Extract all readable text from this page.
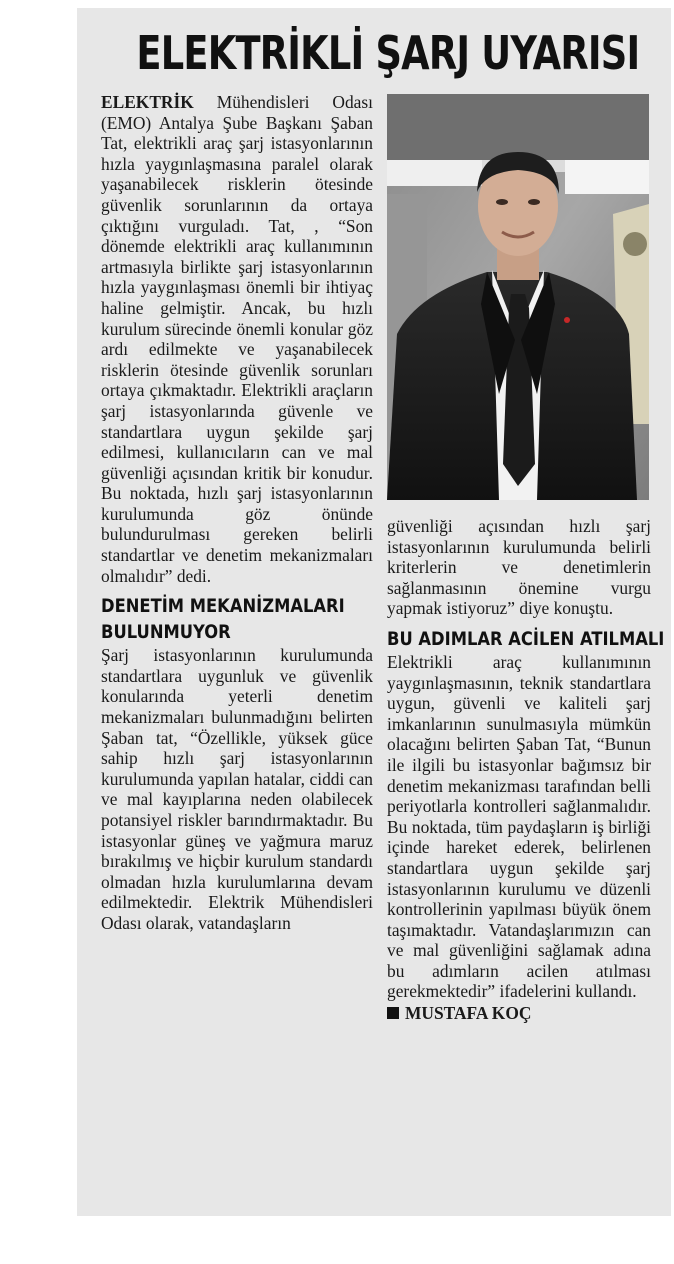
ELEKTRİKLİ ŞARJ UYARISI

ELEKTRİK Mühendisleri Odası (EMO) Antalya Şube Başkanı Şaban Tat, elektrikli araç şarj istasyonlarının hızla yaygınlaşmasına paralel olarak yaşanabilecek risklerin ötesinde güvenlik sorunlarının da ortaya çıktığını vurguladı. Tat, , “Son dönemde elektrikli araç kullanımının artmasıyla birlikte şarj istasyonlarının hızla yaygınlaşması önemli bir ihtiyaç haline gelmiştir. Ancak, bu hızlı kurulum sürecinde önemli konular göz ardı edilmekte ve yaşanabilecek risklerin ötesinde güvenlik sorunları ortaya çıkmaktadır. Elektrikli araçların şarj istasyonlarında güvenle ve standartlara uygun şekilde şarj edilmesi, kullanıcıların can ve mal güvenliği açısından kritik bir konudur. Bu noktada, hızlı şarj istasyonlarının kurulumunda göz önünde bulundurulması gereken belirli standartlar ve denetim mekanizmaları olmalıdır” dedi.

DENETİM MEKANİZMALARI
BULUNMUYOR

Şarj istasyonlarının kurulumunda standartlara uygunluk ve güvenlik konularında yeterli denetim mekanizmaları bulunmadığını belirten Şaban tat, “Özellikle, yüksek güce sahip hızlı şarj istasyonlarının kurulumunda yapılan hatalar, ciddi can ve mal kayıplarına neden olabilecek potansiyel riskler barındırmaktadır. Bu istasyonlar güneş ve yağmura maruz bırakılmış ve hiçbir kurulum standardı olmadan hızla kurulumlarına devam edilmektedir. Elektrik Mühendisleri Odası olarak, vatandaşların

güvenliği açısından hızlı şarj istasyonlarının kurulumunda belirli kriterlerin ve denetimlerin sağlanmasının önemine vurgu yapmak istiyoruz” diye konuştu.

BU ADIMLAR ACİLEN ATILMALI

Elektrikli araç kullanımının yaygınlaşmasının, teknik standartlara uygun, güvenli ve kaliteli şarj imkanlarının sunulmasıyla mümkün olacağını belirten Şaban Tat, “Bunun ile ilgili bu istasyonlar bağımsız bir denetim mekanizması tarafından belli periyotlarla kontrolleri sağlanmalıdır. Bu noktada, tüm paydaşların iş birliği içinde hareket ederek, belirlenen standartlara uygun şekilde şarj istasyonlarının kurulumu ve düzenli kontrollerinin yapılması büyük önem taşımaktadır. Vatandaşlarımızın can ve mal güvenliğini sağlamak adına bu adımların acilen atılması gerekmektedir” ifadelerini kullandı.

MUSTAFA KOÇ
